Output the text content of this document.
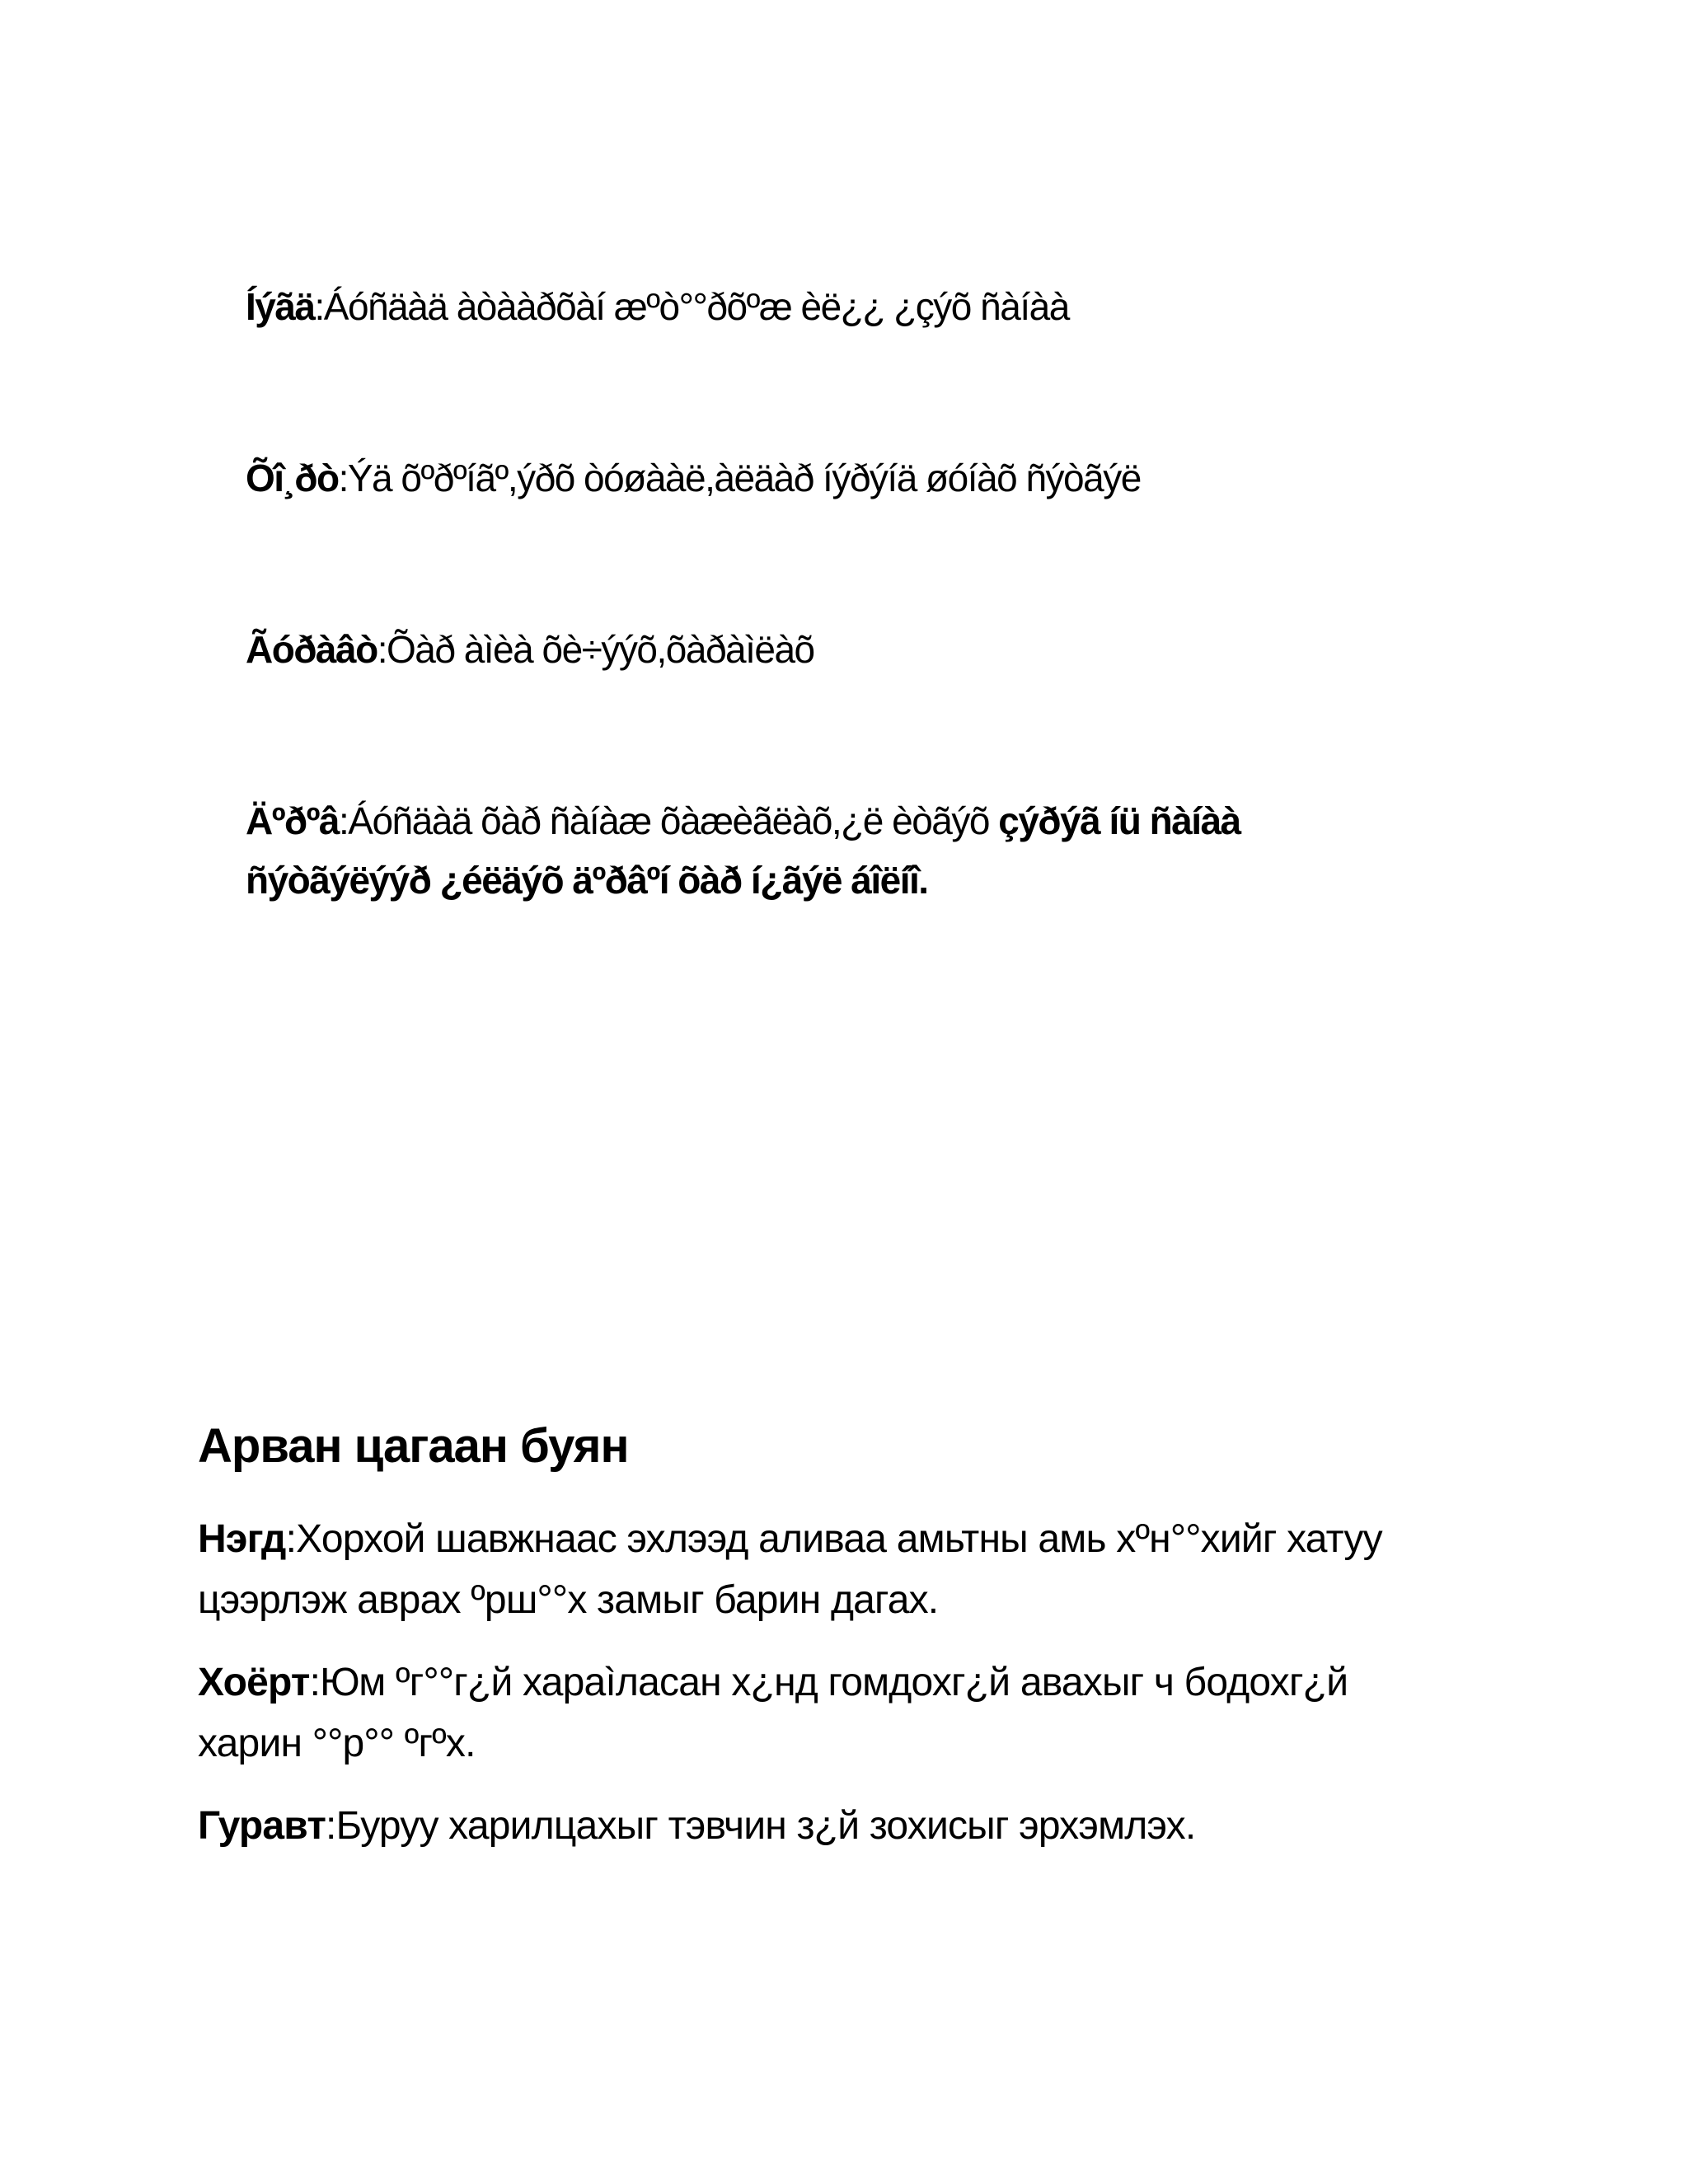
Íýãä:Áóñäàä àòààðõàí æºò°°ðõºæ èë¿¿ ¿çýõ ñàíàà
Õî¸ðò:Ýä õºðºíãº,ýðõ òóøààë,àëäàð íýðýíä øóíàõ ñýòãýë
Ãóðàâò:Õàð àìèà õè÷ýýõ,õàðàìëàõ
Äºðºâ:Áóñäàä õàð ñàíàæ õàæèãëàõ,¿ë èòãýõ çýðýã íü ñàíàà
ñýòãýëýýð ¿éëäýõ äºðâºí õàð í¿ãýë áîëíî.
Арван цагаан буян
Нэгд:Хорхой шавжнаас эхлээд аливаа амьтны амь хºн°°хийг хатуу
цээрлэж аврах ºрш°°х замыг барин дагах.
Хоёрт:Юм ºг°°г¿й хараìласан х¿нд гомдохг¿й авахыг ч бодохг¿й
харин °°р°° ºгºх.
Гуравт:Буруу харилцахыг тэвчин з¿й зохисыг эрхэмлэх.
